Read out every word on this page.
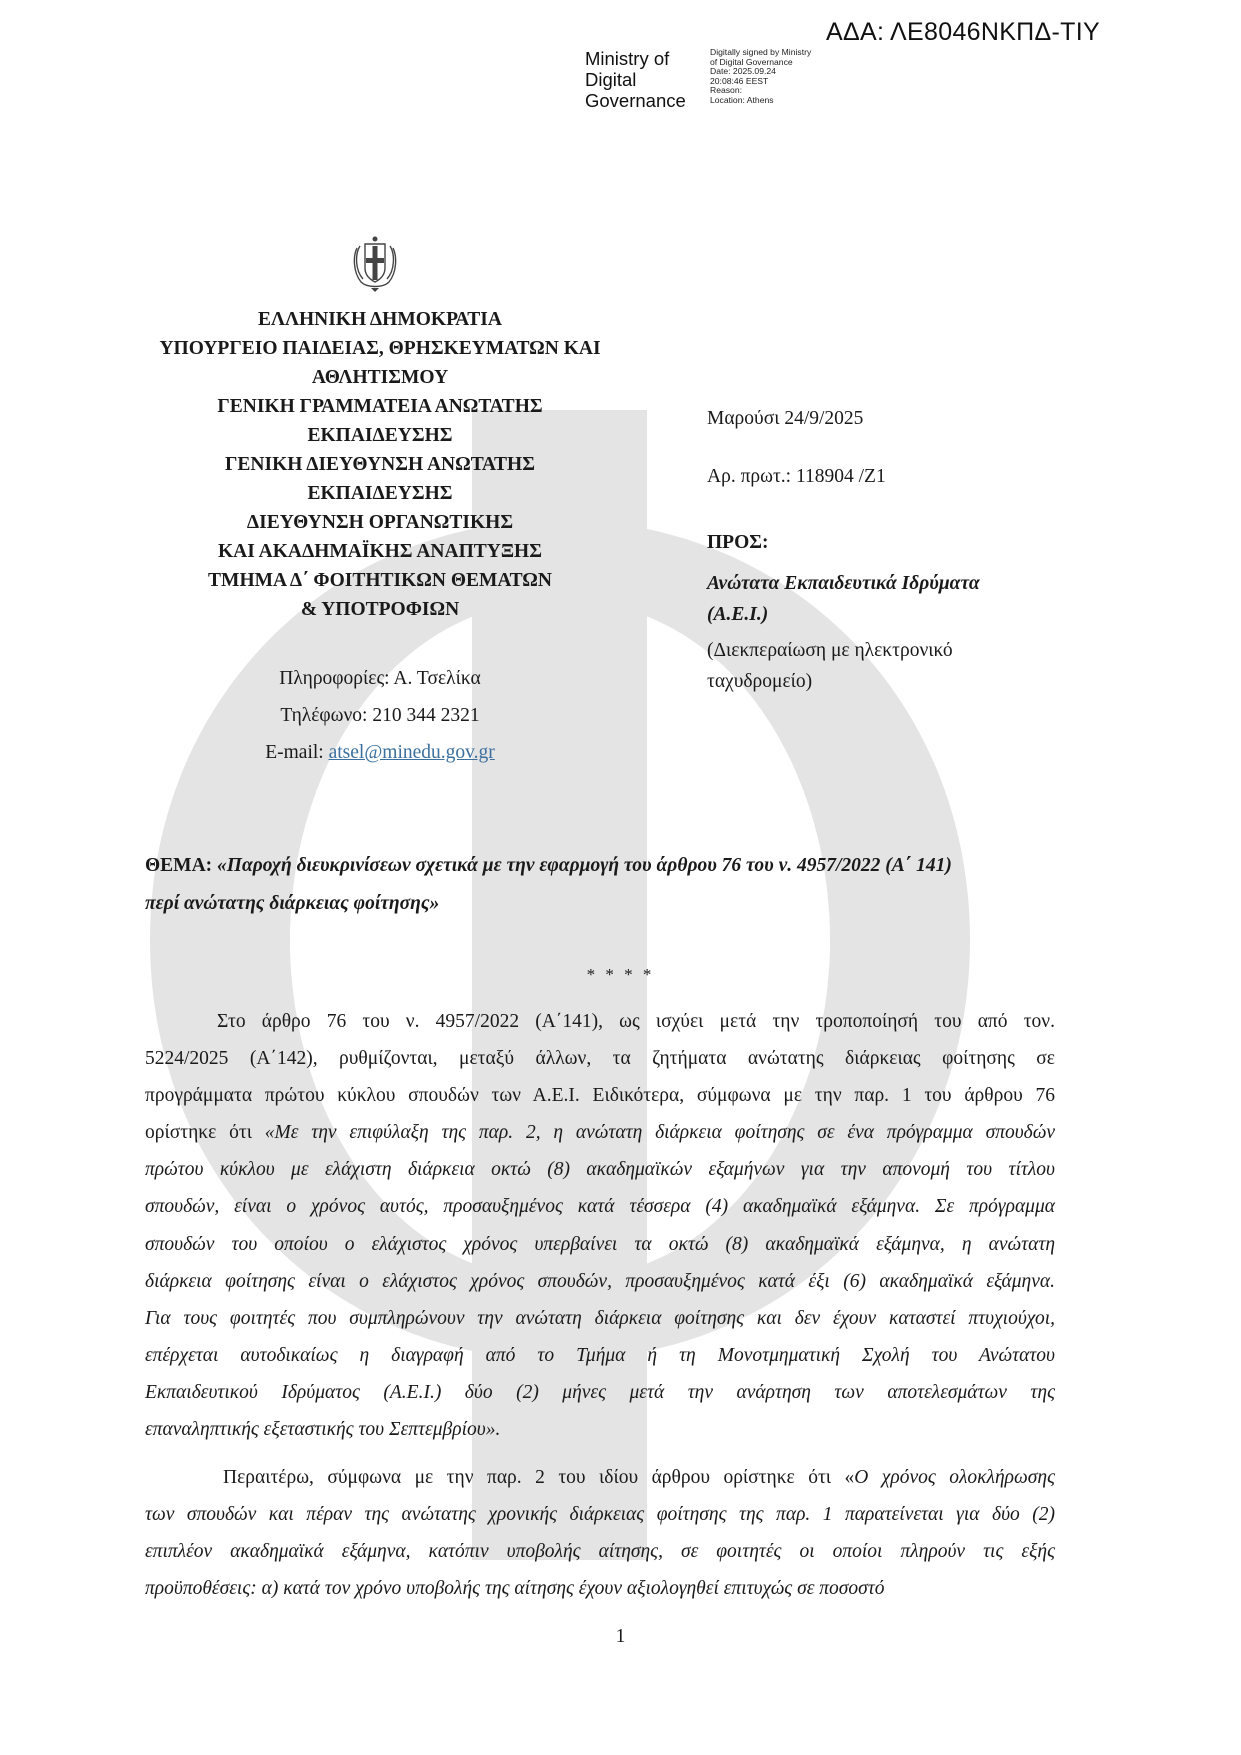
ΑΔΑ: ΛΕ8046ΝΚΠΔ-ΤΙΥ
Ministry of
Digital
Governance
Digitally signed by Ministry
of Digital Governance
Date: 2025.09.24
20:08:46 EEST
Reason:
Location: Athens
ΕΛΛΗΝΙΚΗ ΔΗΜΟΚΡΑΤΙΑ
ΥΠΟΥΡΓΕΙΟ ΠΑΙΔΕΙΑΣ, ΘΡΗΣΚΕΥΜΑΤΩΝ ΚΑΙ
ΑΘΛΗΤΙΣΜΟΥ
ΓΕΝΙΚΗ ΓΡΑΜΜΑΤΕΙΑ ΑΝΩΤΑΤΗΣ
ΕΚΠΑΙΔΕΥΣΗΣ
ΓΕΝΙΚΗ ΔΙΕΥΘΥΝΣΗ ΑΝΩΤΑΤΗΣ
ΕΚΠΑΙΔΕΥΣΗΣ
ΔΙΕΥΘΥΝΣΗ ΟΡΓΑΝΩΤΙΚΗΣ
ΚΑΙ ΑΚΑΔΗΜΑΪΚΗΣ ΑΝΑΠΤΥΞΗΣ
ΤΜΗΜΑ Δ΄ ΦΟΙΤΗΤΙΚΩΝ ΘΕΜΑΤΩΝ
& ΥΠΟΤΡΟΦΙΩΝ
Πληροφορίες: Α. Τσελίκα
Τηλέφωνο: 210 344 2321
E-mail: atsel@minedu.gov.gr
Μαρούσι 24/9/2025
Αρ. πρωτ.: 118904 /Ζ1
ΠΡΟΣ:
Ανώτατα Εκπαιδευτικά Ιδρύματα
(Α.Ε.Ι.)
(Διεκπεραίωση με ηλεκτρονικό
ταχυδρομείο)
ΘΕΜΑ: «Παροχή διευκρινίσεων σχετικά με την εφαρμογή του άρθρου 76 του ν. 4957/2022 (Α΄ 141)
περί ανώτατης διάρκειας φοίτησης»
* * * *
Στο άρθρο 76 του ν. 4957/2022 (Α΄141), ως ισχύει μετά την τροποποίησή του από τον.
5224/2025 (Α΄142), ρυθμίζονται, μεταξύ άλλων, τα ζητήματα ανώτατης διάρκειας φοίτησης σε
προγράμματα πρώτου κύκλου σπουδών των Α.Ε.Ι. Ειδικότερα, σύμφωνα με την παρ. 1 του άρθρου 76
ορίστηκε ότι «Με την επιφύλαξη της παρ. 2, η ανώτατη διάρκεια φοίτησης σε ένα πρόγραμμα σπουδών
πρώτου κύκλου με ελάχιστη διάρκεια οκτώ (8) ακαδημαϊκών εξαμήνων για την απονομή του τίτλου
σπουδών, είναι ο χρόνος αυτός, προσαυξημένος κατά τέσσερα (4) ακαδημαϊκά εξάμηνα. Σε πρόγραμμα
σπουδών του οποίου ο ελάχιστος χρόνος υπερβαίνει τα οκτώ (8) ακαδημαϊκά εξάμηνα, η ανώτατη
διάρκεια φοίτησης είναι ο ελάχιστος χρόνος σπουδών, προσαυξημένος κατά έξι (6) ακαδημαϊκά εξάμηνα.
Για τους φοιτητές που συμπληρώνουν την ανώτατη διάρκεια φοίτησης και δεν έχουν καταστεί πτυχιούχοι,
επέρχεται αυτοδικαίως η διαγραφή από το Τμήμα ή τη Μονοτμηματική Σχολή του Ανώτατου
Εκπαιδευτικού Ιδρύματος (Α.Ε.Ι.) δύο (2) μήνες μετά την ανάρτηση των αποτελεσμάτων της
επαναληπτικής εξεταστικής του Σεπτεμβρίου».
Περαιτέρω, σύμφωνα με την παρ. 2 του ιδίου άρθρου ορίστηκε ότι «Ο χρόνος ολοκλήρωσης
των σπουδών και πέραν της ανώτατης χρονικής διάρκειας φοίτησης της παρ. 1 παρατείνεται για δύο (2)
επιπλέον ακαδημαϊκά εξάμηνα, κατόπιν υποβολής αίτησης, σε φοιτητές οι οποίοι πληρούν τις εξής
προϋποθέσεις: α) κατά τον χρόνο υποβολής της αίτησης έχουν αξιολογηθεί επιτυχώς σε ποσοστό
1
